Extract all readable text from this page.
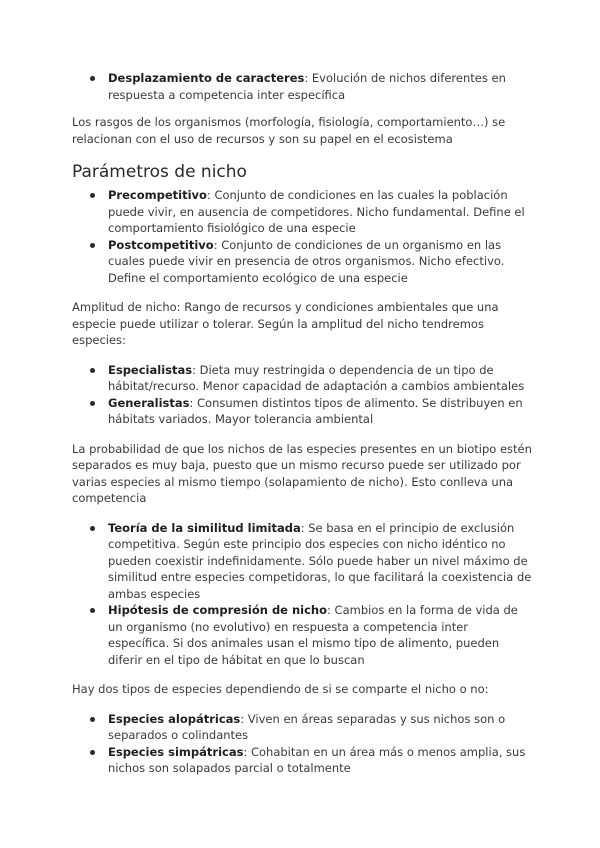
Desplazamiento de caracteres: Evolución de nichos diferentes en respuesta a competencia inter específica

Los rasgos de los organismos (morfología, fisiología, comportamiento…) se relacionan con el uso de recursos y son su papel en el ecosistema

Parámetros de nicho
Precompetitivo: Conjunto de condiciones en las cuales la población puede vivir, en ausencia de competidores. Nicho fundamental. Define el comportamiento fisiológico de una especie
Postcompetitivo: Conjunto de condiciones de un organismo en las cuales puede vivir en presencia de otros organismos. Nicho efectivo. Define el comportamiento ecológico de una especie

Amplitud de nicho: Rango de recursos y condiciones ambientales que una especie puede utilizar o tolerar. Según la amplitud del nicho tendremos especies:

Especialistas: Dieta muy restringida o dependencia de un tipo de hábitat/recurso. Menor capacidad de adaptación a cambios ambientales
Generalistas: Consumen distintos tipos de alimento. Se distribuyen en hábitats variados. Mayor tolerancia ambiental

La probabilidad de que los nichos de las especies presentes en un biotipo estén separados es muy baja, puesto que un mismo recurso puede ser utilizado por varias especies al mismo tiempo (solapamiento de nicho). Esto conlleva una competencia

Teoría de la similitud limitada: Se basa en el principio de exclusión competitiva. Según este principio dos especies con nicho idéntico no pueden coexistir indefinidamente. Sólo puede haber un nivel máximo de similitud entre especies competidoras, lo que facilitará la coexistencia de ambas especies
Hipótesis de compresión de nicho: Cambios en la forma de vida de un organismo (no evolutivo) en respuesta a competencia inter específica. Si dos animales usan el mismo tipo de alimento, pueden diferir en el tipo de hábitat en que lo buscan

Hay dos tipos de especies dependiendo de si se comparte el nicho o no:

Especies alopátricas: Viven en áreas separadas y sus nichos son o separados o colindantes
Especies simpátricas: Cohabitan en un área más o menos amplia, sus nichos son solapados parcial o totalmente
